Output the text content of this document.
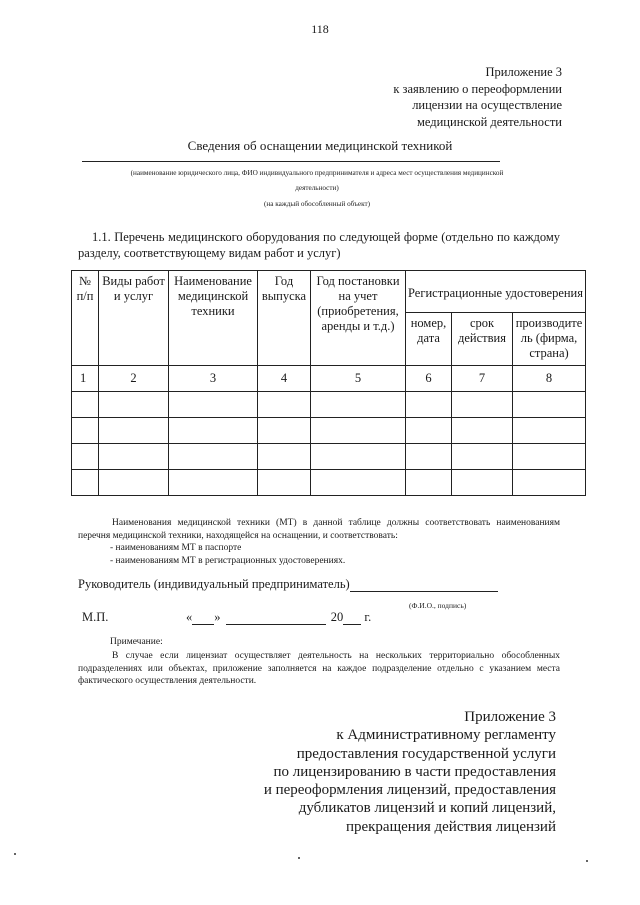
118
Приложение 3
к заявлению о переоформлении
лицензии на осуществление
медицинской деятельности
Сведения об оснащении медицинской техникой
(наименование юридического лица, ФИО индивидуального предпринимателя и адреса мест осуществления медицинской
деятельности)
(на каждый обособленный объект)
1.1. Перечень медицинского оборудования по следующей форме (отдельно по каждому разделу, соответствующему видам работ и услуг)
№ п/п	Виды работ и услуг	Наименование медицинской техники	Год выпуска	Год постановки на учет (приобретения, аренды и т.д.)	Регистрационные удостоверения		
					номер, дата	срок действия	производите ль (фирма, страна)
1	2	3	4	5	6	7	8

Наименования медицинской техники (МТ) в данной таблице должны соответствовать наименованиям перечня медицинской техники, находящейся на оснащении, и соответствовать:
- наименованиям МТ в паспорте
- наименованиям МТ в регистрационных удостоверениях.
Руководитель (индивидуальный предприниматель)
(Ф.И.О., подпись)
М.П.	« »	20 г.
Примечание:
В случае если лицензиат осуществляет деятельность на нескольких территориально обособленных подразделениях или объектах, приложение заполняется на каждое подразделение отдельно с указанием места фактического осуществления деятельности.
Приложение 3
к Административному регламенту
предоставления государственной услуги
по лицензированию в части предоставления
и переоформления лицензий, предоставления
дубликатов лицензий и копий лицензий,
прекращения действия лицензий
